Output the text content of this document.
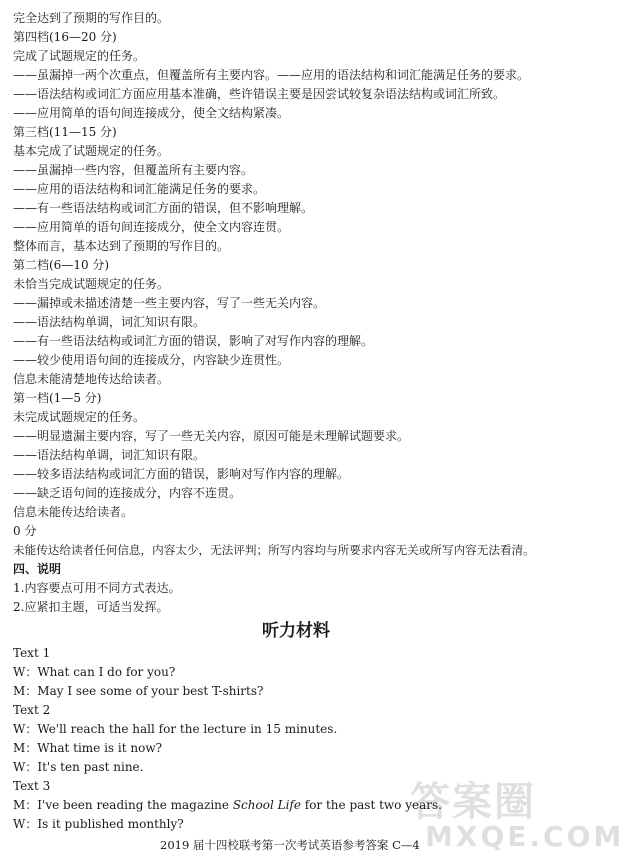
完全达到了预期的写作目的。
第四档(16—20 分)
完成了试题规定的任务。
——虽漏掉一两个次重点，但覆盖所有主要内容。——应用的语法结构和词汇能满足任务的要求。
——语法结构或词汇方面应用基本准确，些许错误主要是因尝试较复杂语法结构或词汇所致。
——应用简单的语句间连接成分，使全文结构紧凑。
第三档(11—15 分)
基本完成了试题规定的任务。
——虽漏掉一些内容，但覆盖所有主要内容。
——应用的语法结构和词汇能满足任务的要求。
——有一些语法结构或词汇方面的错误，但不影响理解。
——应用简单的语句间连接成分，使全文内容连贯。
整体而言，基本达到了预期的写作目的。
第二档(6—10 分)
未恰当完成试题规定的任务。
——漏掉或未描述清楚一些主要内容，写了一些无关内容。
——语法结构单调，词汇知识有限。
——有一些语法结构或词汇方面的错误，影响了对写作内容的理解。
——较少使用语句间的连接成分，内容缺少连贯性。
信息未能清楚地传达给读者。
第一档(1—5 分)
未完成试题规定的任务。
——明显遗漏主要内容，写了一些无关内容，原因可能是未理解试题要求。
——语法结构单调，词汇知识有限。
——较多语法结构或词汇方面的错误，影响对写作内容的理解。
——缺乏语句间的连接成分，内容不连贯。
信息未能传达给读者。
0 分
未能传达给读者任何信息，内容太少，无法评判；所写内容均与所要求内容无关或所写内容无法看清。
四、说明
1.内容要点可用不同方式表达。
2.应紧扣主题，可适当发挥。
听力材料
Text 1
W：What can I do for you?
M：May I see some of your best T-shirts?
Text 2
W：We'll reach the hall for the lecture in 15 minutes.
M：What time is it now?
W：It's ten past nine.
Text 3
M：I've been reading the magazine School Life for the past two years.
W：Is it published monthly?
2019 届十四校联考第一次考试英语参考答案 C—4
答案圈
MXQE.COM
